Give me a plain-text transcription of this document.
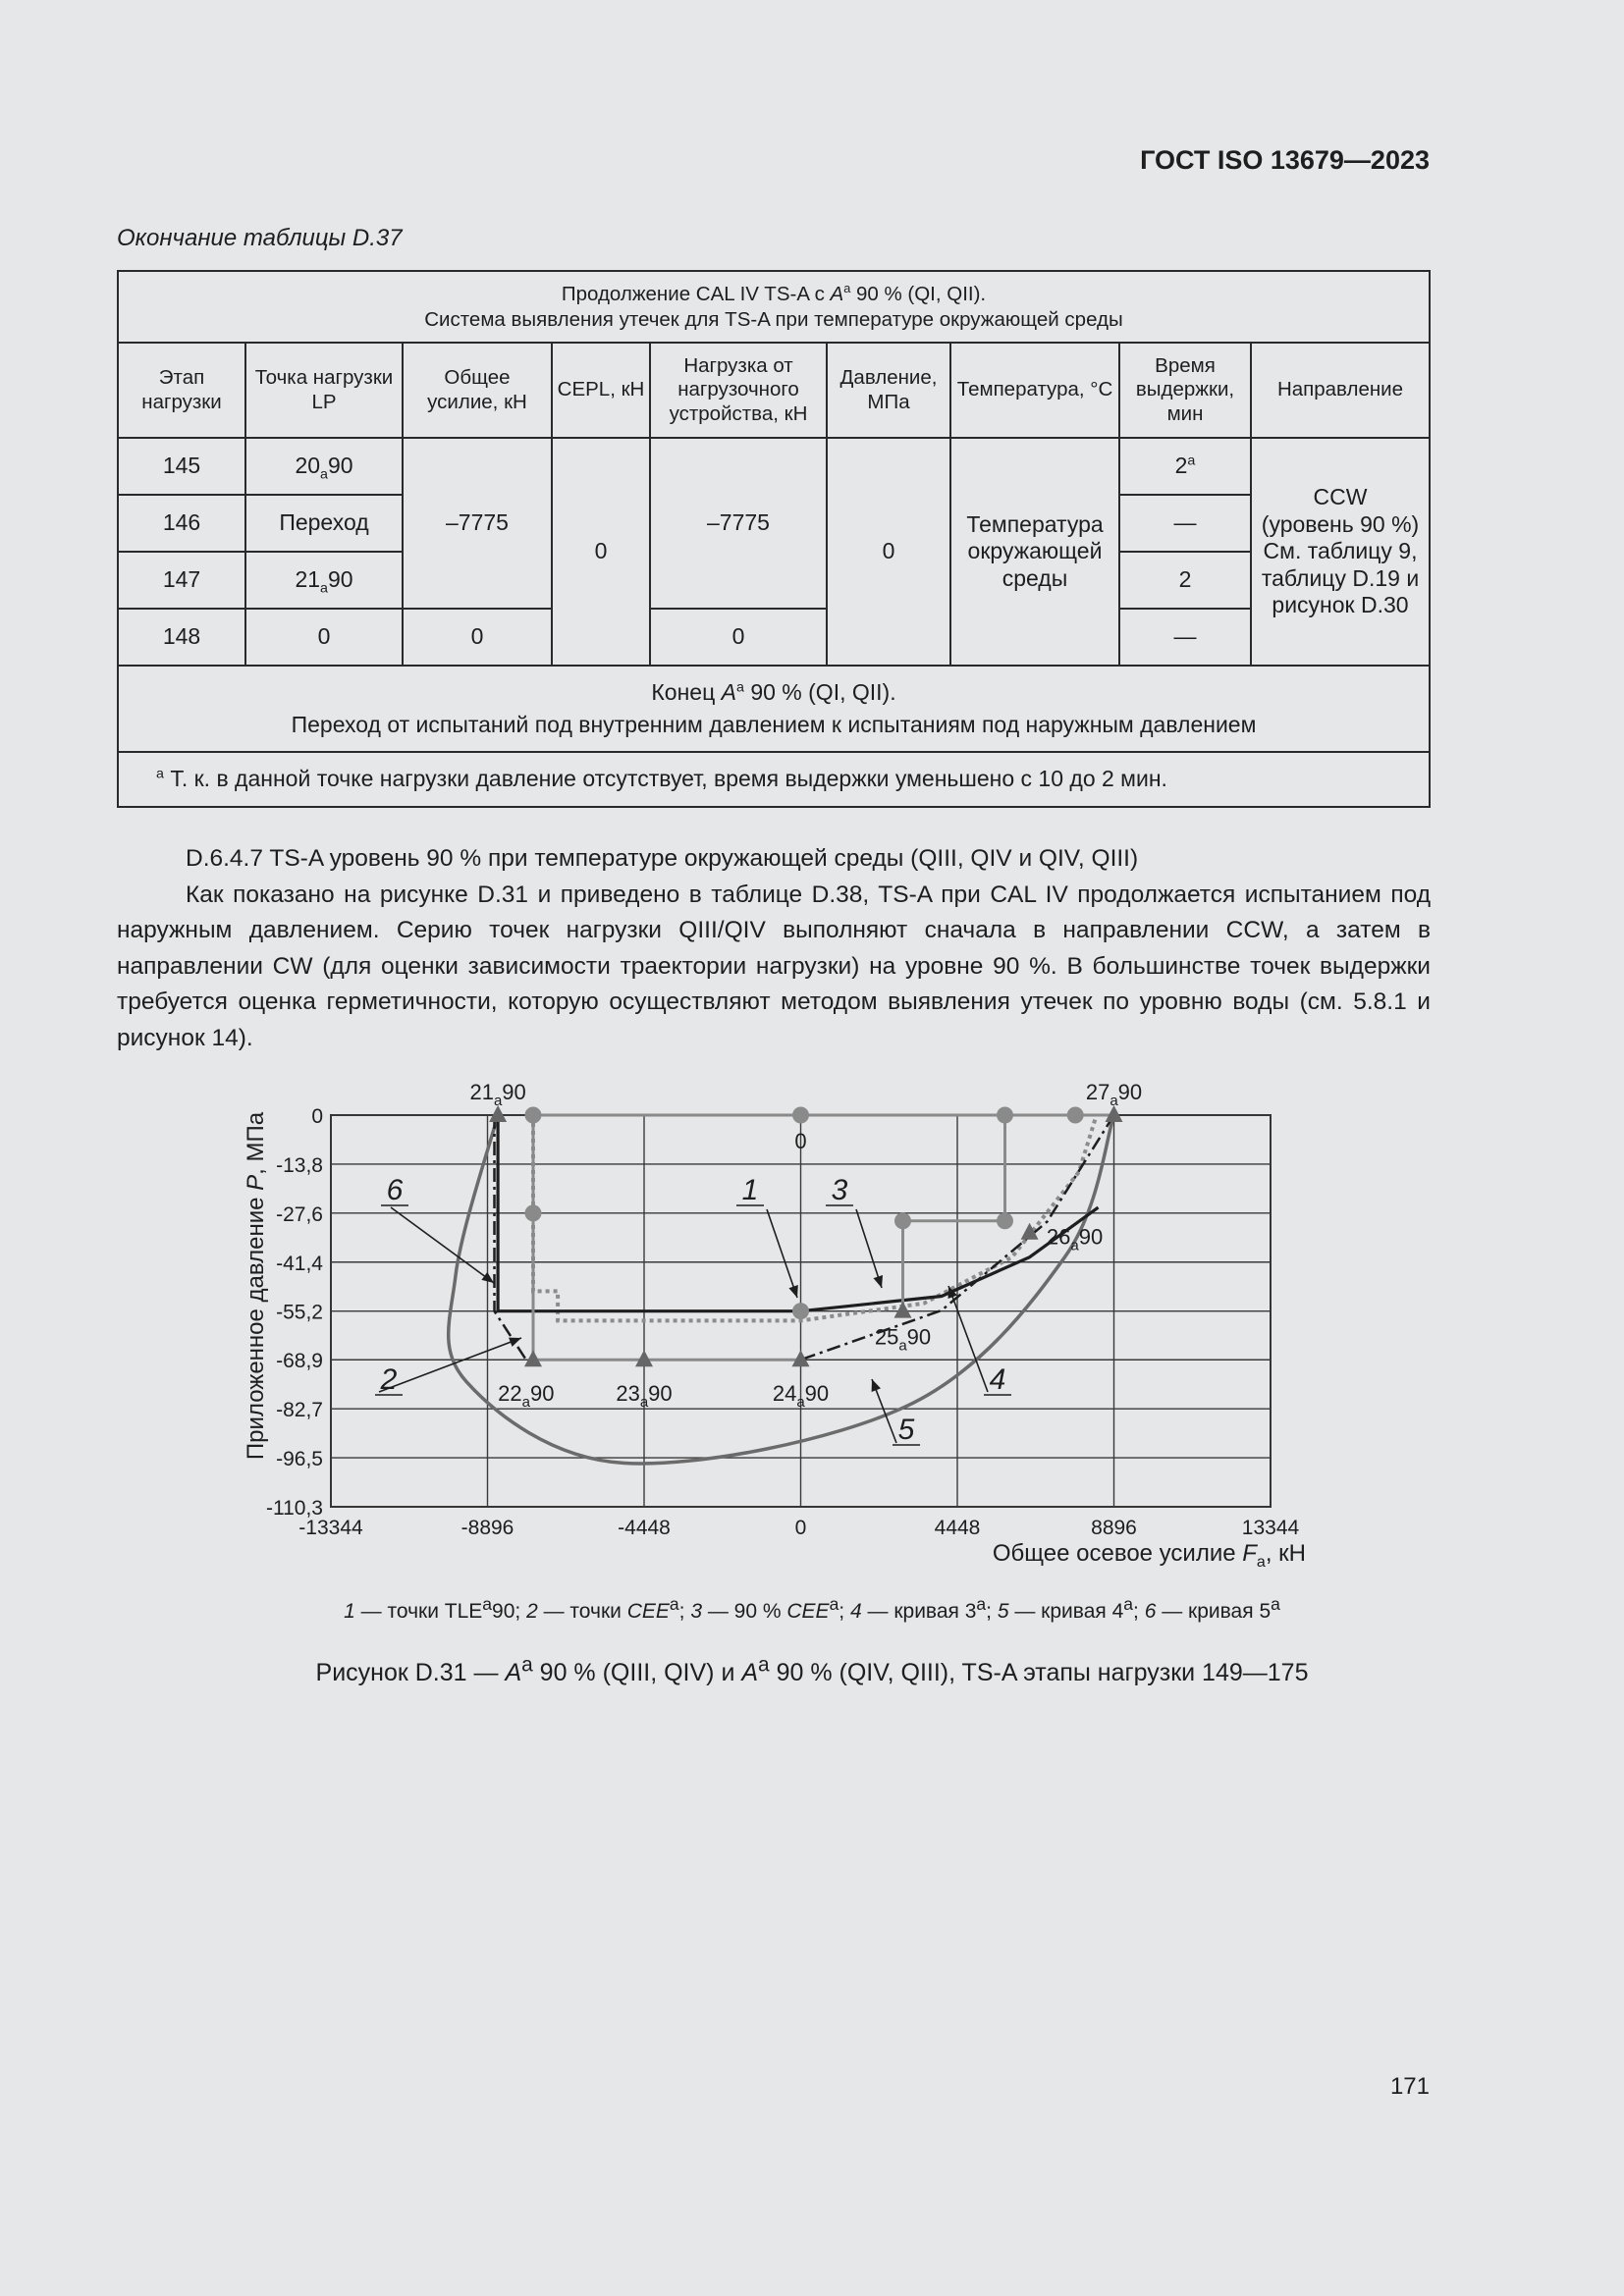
ГОСТ ISO 13679—2023
Окончание таблицы D.37
Продолжение CAL IV TS-A с $A^a$ 90 % (QI, QII).
Система выявления утечек для TS-A при температуре окружающей среды								
Этап нагрузки	Точка нагрузки LP	Общее усилие, кН	CEPL, кН	Нагрузка от нагрузочного устройства, кН	Давление, МПа	Температура, °С	Время выдержки, мин	Направление
145	$20_a90$	–7775	0	–7775	0	Температура окружающей среды	2$^a$	CCW
(уровень 90 %)
См. таблицу 9,
таблицу D.19 и
рисунок D.30
146	Переход						—	
147	$21_a90$						2	
148	0	0		0			—	
Конец $A^a$ 90 % (QI, QII).
Переход от испытаний под внутренним давлением к испытаниям под наружным давлением								
$^а$ Т. к. в данной точке нагрузки давление отсутствует, время выдержки уменьшено с 10 до 2 мин.								

D.6.4.7 TS-A уровень 90 % при температуре окружающей среды (QIII, QIV и QIV, QIII)

Как показано на рисунке D.31 и приведено в таблице D.38, TS-A при CAL IV продолжается испытанием под наружным давлением. Серию точек нагрузки QIII/QIV выполняют сначала в направлении CCW, а затем в направлении CW (для оценки зависимости траектории нагрузки) на уровне 90 %. В большинстве точек выдержки требуется оценка герметичности, которую осуществляют методом выявления утечек по уровню воды (см. 5.8.1 и рисунок 14).

-13344	-8896	-4448	0	4448	8896	13344
0
-13,8
-27,6
-41,4
-55,2
-68,9
-82,7
-96,5
-110,3
$21_a90$	$27_a90$
0
$26_a90$
$25_a90$
$22_a90$	$23_a90$	$24_a90$
1
2
3
4
5
6
Общее осевое усилие $F_a$, кН
Приложенное давление P, МПа
1 — точки TLE$^a$90; 2 — точки CEE$^a$; 3 — 90 % CEE$^a$; 4 — кривая 3$^a$; 5 — кривая 4$^a$; 6 — кривая 5$^a$
Рисунок D.31 — $A^a$ 90 % (QIII, QIV) и $A^a$ 90 % (QIV, QIII), TS-A этапы нагрузки 149—175
171
